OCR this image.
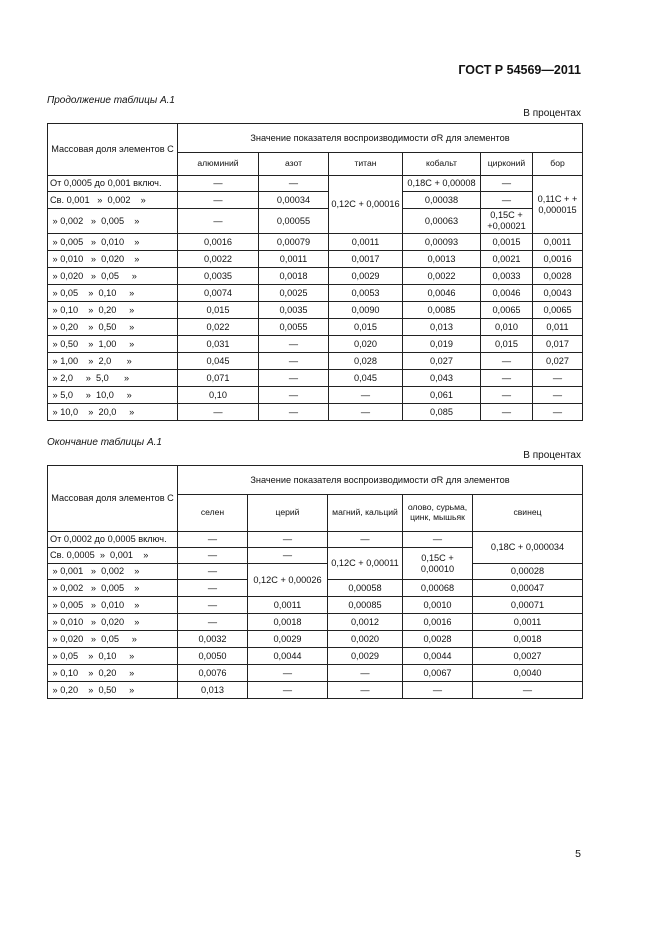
ГОСТ Р 54569—2011
Продолжение таблицы А.1
В процентах
Массовая доля элементов С	Значение показателя воспроизводимости σR для элементов					
	алюминий	азот	титан	кобальт	цирконий	бор
От 0,0005 до 0,001 включ.	—	—	0,12С + 0,00016	0,18С + 0,00008	—	0,11С + + 0,000015
Св. 0,001   »  0,002    »	—	0,00034		0,00038	—	
» 0,002   »  0,005    »	—	0,00055		0,00063	0,15С + +0,00021	
» 0,005   »  0,010    »	0,0016	0,00079	0,0011	0,00093	0,0015	0,0011
» 0,010   »  0,020    »	0,0022	0,0011	0,0017	0,0013	0,0021	0,0016
» 0,020   »  0,05     »	0,0035	0,0018	0,0029	0,0022	0,0033	0,0028
» 0,05    »  0,10     »	0,0074	0,0025	0,0053	0,0046	0,0046	0,0043
» 0,10    »  0,20     »	0,015	0,0035	0,0090	0,0085	0,0065	0,0065
» 0,20    »  0,50     »	0,022	0,0055	0,015	0,013	0,010	0,011
» 0,50    »  1,00     »	0,031	—	0,020	0,019	0,015	0,017
» 1,00    »  2,0      »	0,045	—	0,028	0,027	—	0,027
» 2,0     »  5,0      »	0,071	—	0,045	0,043	—	—
» 5,0     »  10,0     »	0,10	—	—	0,061	—	—
» 10,0    »  20,0     »	—	—	—	0,085	—	—
Окончание таблицы А.1
В процентах
Массовая доля элементов С	Значение показателя воспроизводимости σR для элементов				
	селен	церий	магний, кальций	олово, сурьма, цинк, мышьяк	свинец
От 0,0002 до 0,0005 включ.	—	—	—	—	0,18С + 0,000034
Св. 0,0005  »  0,001    »	—	—	0,12С + 0,00011	0,15С + 0,00010	
» 0,001   »  0,002    »	—	0,12С + 0,00026			0,00028
» 0,002   »  0,005    »	—		0,00058	0,00068	0,00047
» 0,005   »  0,010    »	—	0,0011	0,00085	0,0010	0,00071
» 0,010   »  0,020    »	—	0,0018	0,0012	0,0016	0,0011
» 0,020   »  0,05     »	0,0032	0,0029	0,0020	0,0028	0,0018
» 0,05    »  0,10     »	0,0050	0,0044	0,0029	0,0044	0,0027
» 0,10    »  0,20     »	0,0076	—	—	0,0067	0,0040
» 0,20    »  0,50     »	0,013	—	—	—	—
5
